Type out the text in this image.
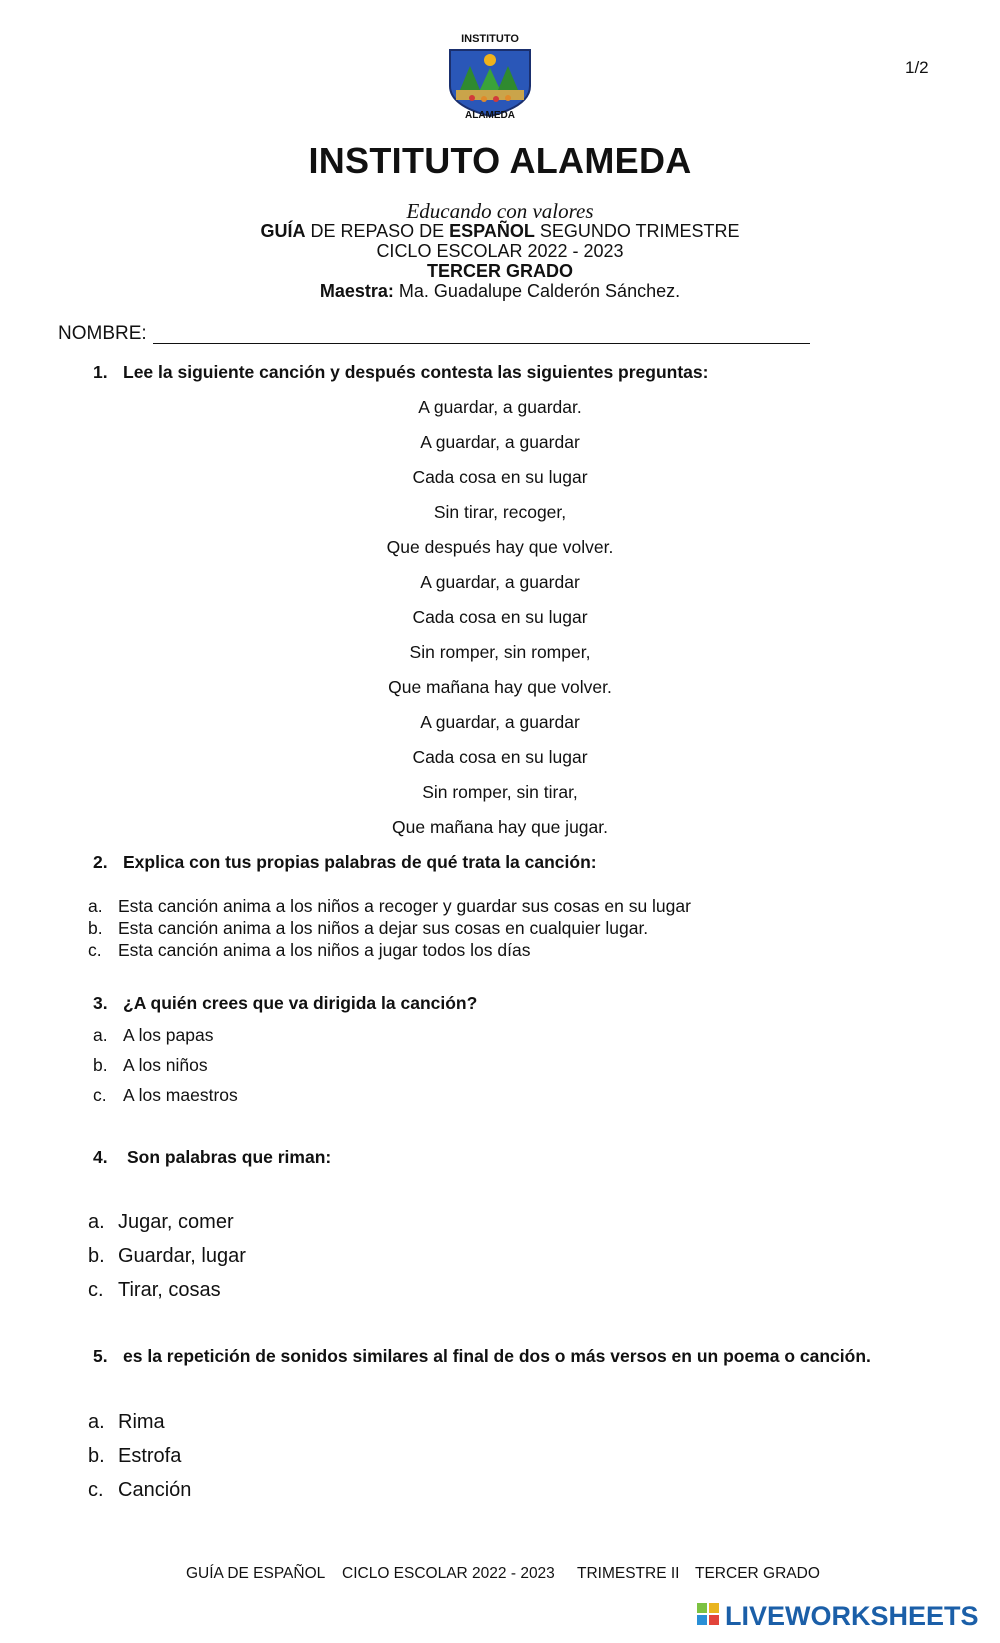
INSTITUTO
ALAMEDA
1/2
INSTITUTO ALAMEDA
Educando con valores
GUÍA DE REPASO DE ESPAÑOL SEGUNDO TRIMESTRE
CICLO ESCOLAR 2022 - 2023
TERCER GRADO
Maestra: Ma. Guadalupe Calderón Sánchez.
NOMBRE:
1. Lee la siguiente canción y después contesta las siguientes preguntas:
A guardar, a guardar.
A guardar, a guardar
Cada cosa en su lugar
Sin tirar, recoger,
Que después hay que volver.
A guardar, a guardar
Cada cosa en su lugar
Sin romper, sin romper,
Que mañana hay que volver.
A guardar, a guardar
Cada cosa en su lugar
Sin romper, sin tirar,
Que mañana hay que jugar.
2. Explica con tus propias palabras de qué trata la canción:
a. Esta canción anima a los niños a recoger y guardar sus cosas en su lugar
b. Esta canción anima a los niños a dejar sus cosas en cualquier lugar.
c. Esta canción anima a los niños a jugar todos los días
3. ¿A quién crees que va dirigida la canción?
a. A los papas
b. A los niños
c. A los maestros
4. Son palabras que riman:
a. Jugar, comer
b. Guardar, lugar
c. Tirar, cosas
5. es la repetición de sonidos similares al final de dos o más versos en un poema o canción.
a. Rima
b. Estrofa
c. Canción
GUÍA DE ESPAÑOL CICLO ESCOLAR 2022 - 2023 TRIMESTRE II TERCER GRADO
LIVEWORKSHEETS
